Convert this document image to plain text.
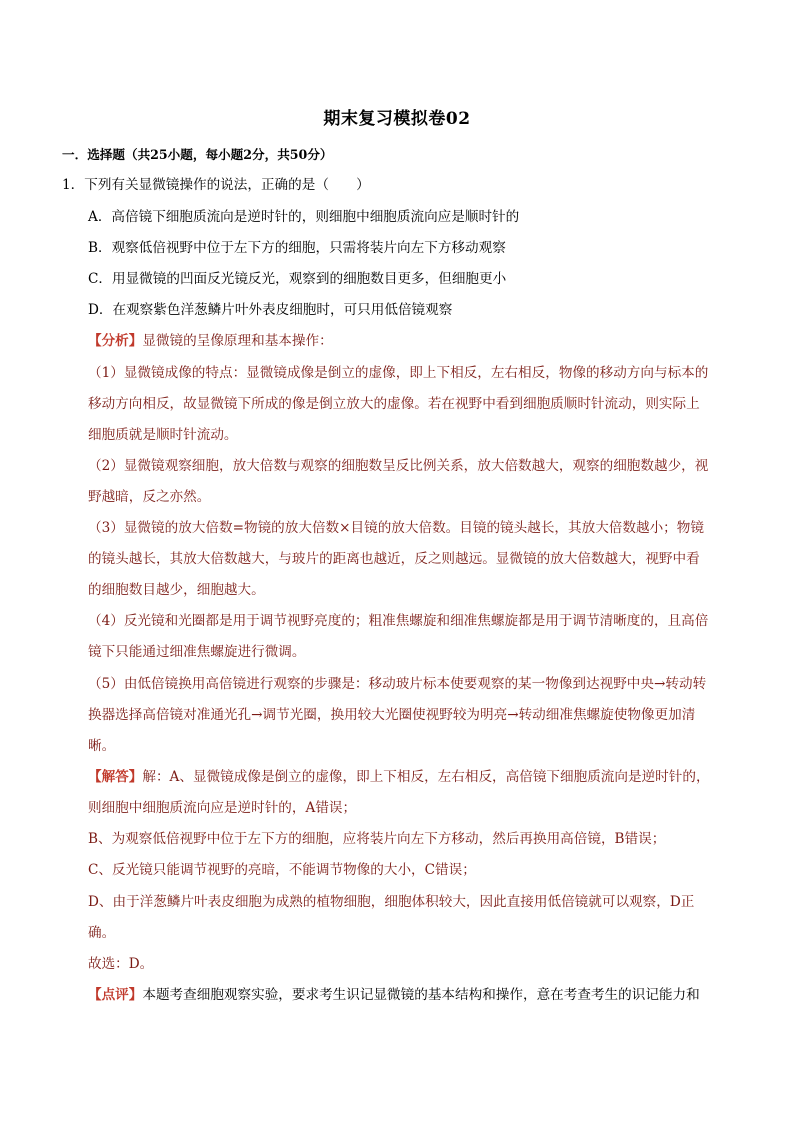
期末复习模拟卷02
一．选择题（共25小题，每小题2分，共50分）
1．下列有关显微镜操作的说法，正确的是（　　）
A．高倍镜下细胞质流向是逆时针的，则细胞中细胞质流向应是顺时针的
B．观察低倍视野中位于左下方的细胞，只需将装片向左下方移动观察
C．用显微镜的凹面反光镜反光，观察到的细胞数目更多，但细胞更小
D．在观察紫色洋葱鳞片叶外表皮细胞时，可只用低倍镜观察
【分析】显微镜的呈像原理和基本操作：
（1）显微镜成像的特点：显微镜成像是倒立的虚像，即上下相反，左右相反，物像的移动方向与标本的
移动方向相反，故显微镜下所成的像是倒立放大的虚像。若在视野中看到细胞质顺时针流动，则实际上
细胞质就是顺时针流动。
（2）显微镜观察细胞，放大倍数与观察的细胞数呈反比例关系，放大倍数越大，观察的细胞数越少，视
野越暗，反之亦然。
（3）显微镜的放大倍数=物镜的放大倍数×目镜的放大倍数。目镜的镜头越长，其放大倍数越小；物镜
的镜头越长，其放大倍数越大，与玻片的距离也越近，反之则越远。显微镜的放大倍数越大，视野中看
的细胞数目越少，细胞越大。
（4）反光镜和光圈都是用于调节视野亮度的；粗准焦螺旋和细准焦螺旋都是用于调节清晰度的，且高倍
镜下只能通过细准焦螺旋进行微调。
（5）由低倍镜换用高倍镜进行观察的步骤是：移动玻片标本使要观察的某一物像到达视野中央→转动转
换器选择高倍镜对准通光孔→调节光圈，换用较大光圈使视野较为明亮→转动细准焦螺旋使物像更加清
晰。
【解答】解：A、显微镜成像是倒立的虚像，即上下相反，左右相反，高倍镜下细胞质流向是逆时针的，
则细胞中细胞质流向应是逆时针的，A错误；
B、为观察低倍视野中位于左下方的细胞，应将装片向左下方移动，然后再换用高倍镜，B错误；
C、反光镜只能调节视野的亮暗，不能调节物像的大小，C错误；
D、由于洋葱鳞片叶表皮细胞为成熟的植物细胞，细胞体积较大，因此直接用低倍镜就可以观察，D正
确。
故选：D。
【点评】本题考查细胞观察实验，要求考生识记显微镜的基本结构和操作，意在考查考生的识记能力和
